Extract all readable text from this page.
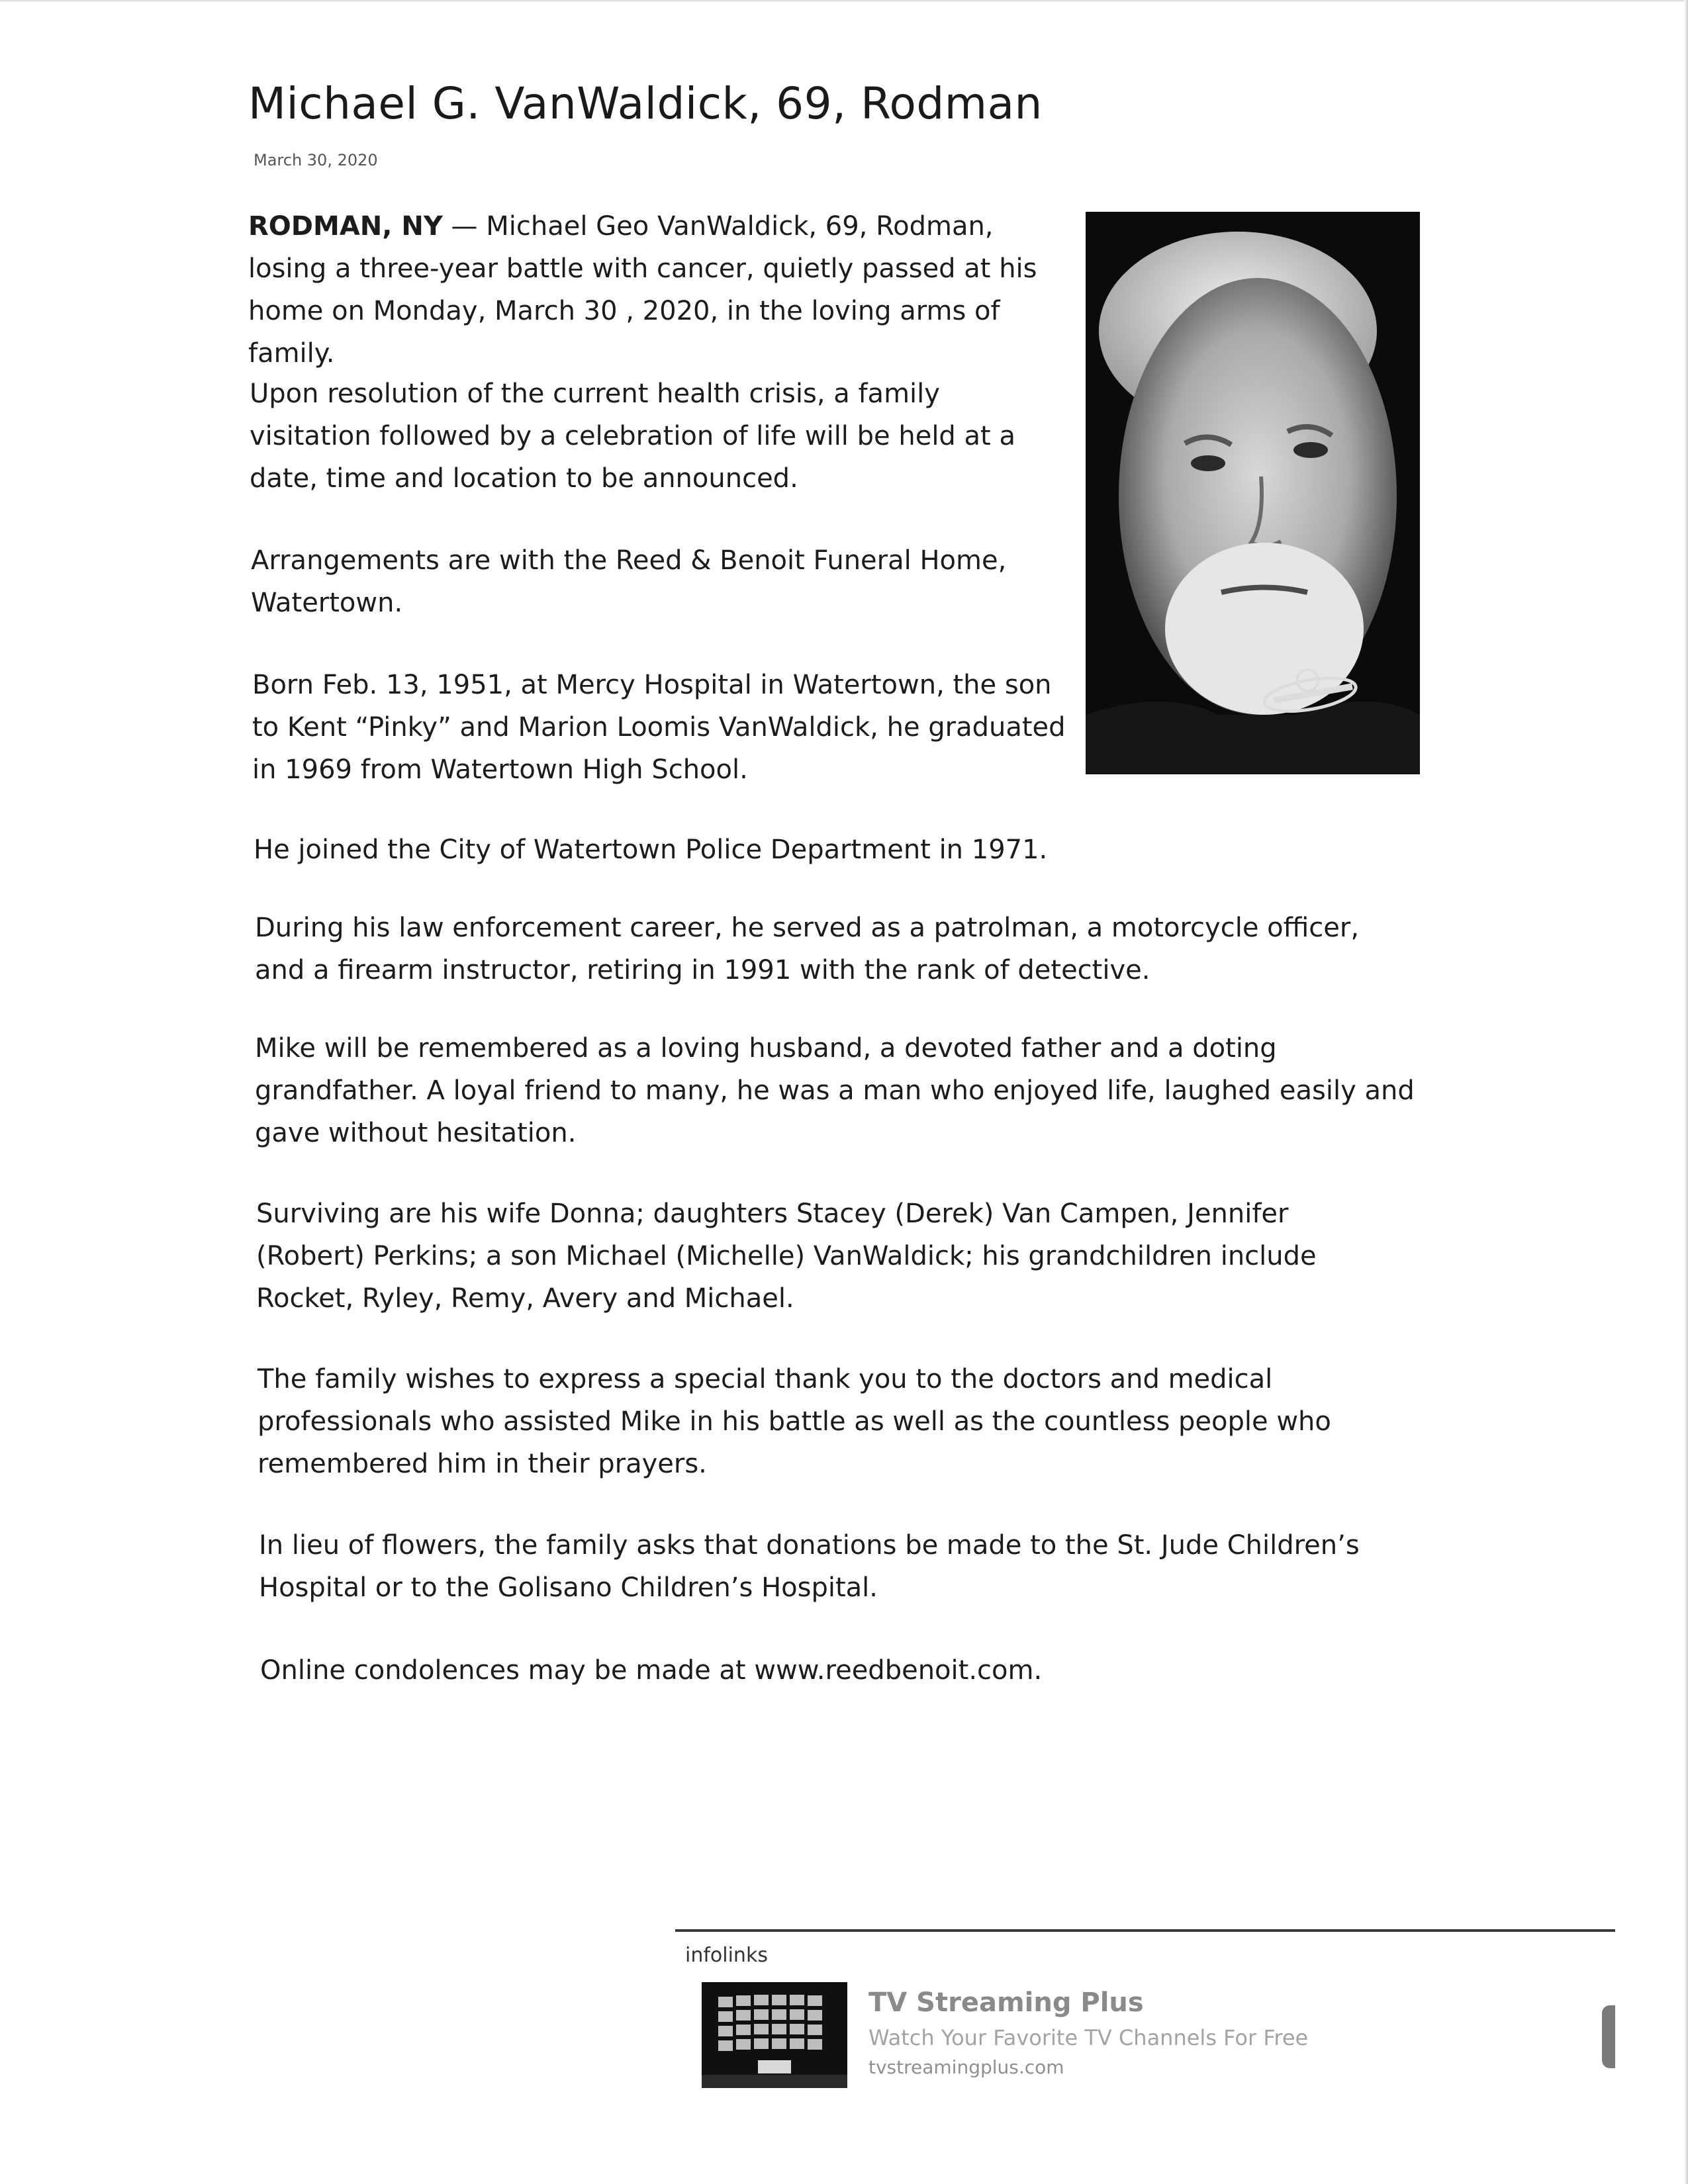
Michael G. VanWaldick, 69, Rodman
March 30, 2020

RODMAN, NY — Michael Geo VanWaldick, 69, Rodman, losing a three-year battle with cancer, quietly passed at his home on Monday, March 30 , 2020, in the loving arms of family.

Upon resolution of the current health crisis, a family visitation followed by a celebration of life will be held at a date, time and location to be announced.

Arrangements are with the Reed & Benoit Funeral Home, Watertown.

Born Feb. 13, 1951, at Mercy Hospital in Watertown, the son to Kent “Pinky” and Marion Loomis VanWaldick, he graduated in 1969 from Watertown High School.

He joined the City of Watertown Police Department in 1971.

During his law enforcement career, he served as a patrolman, a motorcycle officer, and a firearm instructor, retiring in 1991 with the rank of detective.

Mike will be remembered as a loving husband, a devoted father and a doting grandfather. A loyal friend to many, he was a man who enjoyed life, laughed easily and gave without hesitation.

Surviving are his wife Donna; daughters Stacey (Derek) Van Campen, Jennifer (Robert) Perkins; a son Michael (Michelle) VanWaldick; his grandchildren include Rocket, Ryley, Remy, Avery and Michael.

The family wishes to express a special thank you to the doctors and medical professionals who assisted Mike in his battle as well as the countless people who remembered him in their prayers.

In lieu of flowers, the family asks that donations be made to the St. Jude Children’s Hospital or to the Golisano Children’s Hospital.

Online condolences may be made at www.reedbenoit.com.

infolinks
TV Streaming Plus
Watch Your Favorite TV Channels For Free
tvstreamingplus.com
